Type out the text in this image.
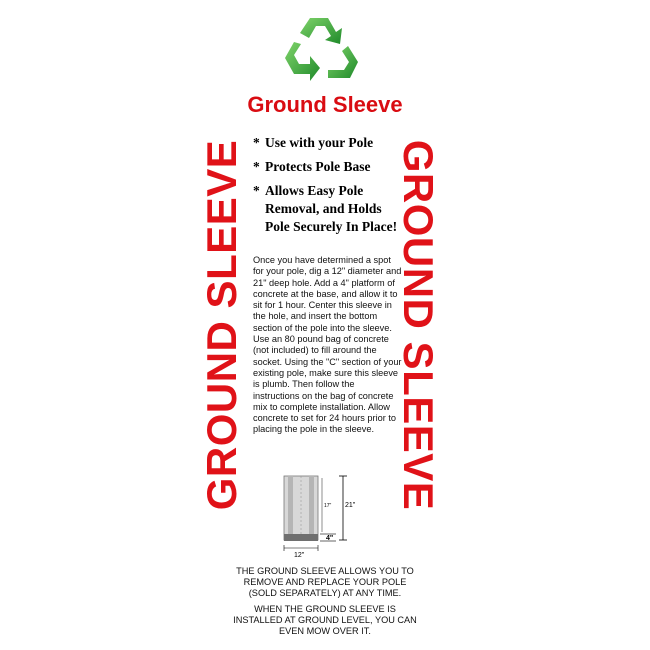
Ground Sleeve
GROUND SLEEVE	GROUND SLEEVE
* Use with your Pole
* Protects Pole Base
* Allows Easy Pole Removal, and Holds Pole Securely In Place!
Once you have determined a spot for your pole, dig a 12" diameter and 21" deep hole. Add a 4" platform of concrete at the base, and allow it to sit for 1 hour. Center this sleeve in the hole, and insert the bottom section of the pole into the sleeve. Use an 80 pound bag of concrete (not included) to fill around the socket. Using the "C" section of your existing pole, make sure this sleeve is plumb. Then follow the instructions on the bag of concrete mix to complete installation. Allow concrete to set for 24 hours prior to placing the pole in the sleeve.
17" 21"
4"
12"

THE GROUND SLEEVE ALLOWS YOU TO REMOVE AND REPLACE YOUR POLE (SOLD SEPARATELY) AT ANY TIME.

WHEN THE GROUND SLEEVE IS INSTALLED AT GROUND LEVEL, YOU CAN EVEN MOW OVER IT.
